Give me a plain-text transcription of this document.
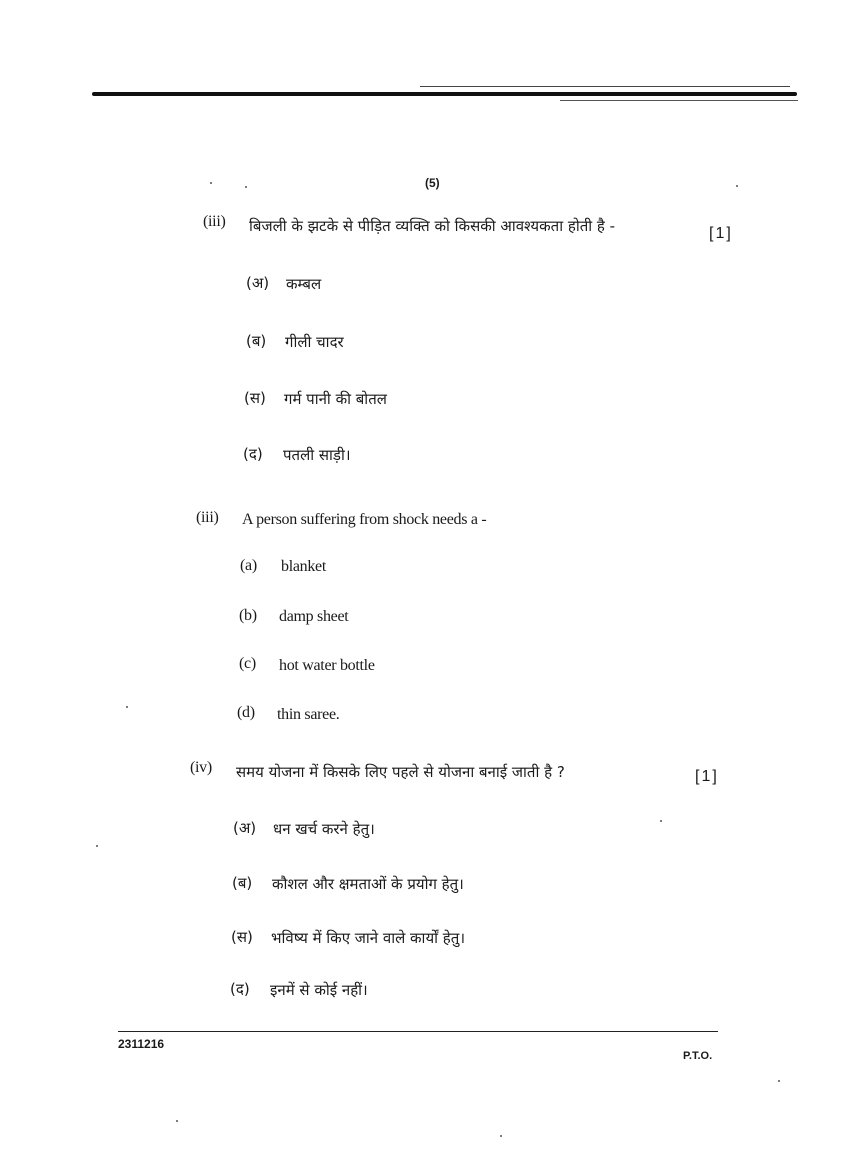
(5)
(iii) बिजली के झटके से पीड़ित व्यक्ति को किसकी आवश्यकता होती है -	[1]
(अ) कम्बल
(ब) गीली चादर
(स) गर्म पानी की बोतल
(द) पतली साड़ी।
(iii) A person suffering from shock needs a -
(a) blanket
(b) damp sheet
(c) hot water bottle
(d) thin saree.
(iv) समय योजना में किसके लिए पहले से योजना बनाई जाती है ?	[1]
(अ) धन खर्च करने हेतु।
(ब) कौशल और क्षमताओं के प्रयोग हेतु।
(स) भविष्य में किए जाने वाले कार्यों हेतु।
(द) इनमें से कोई नहीं।
2311216
P.T.O.
